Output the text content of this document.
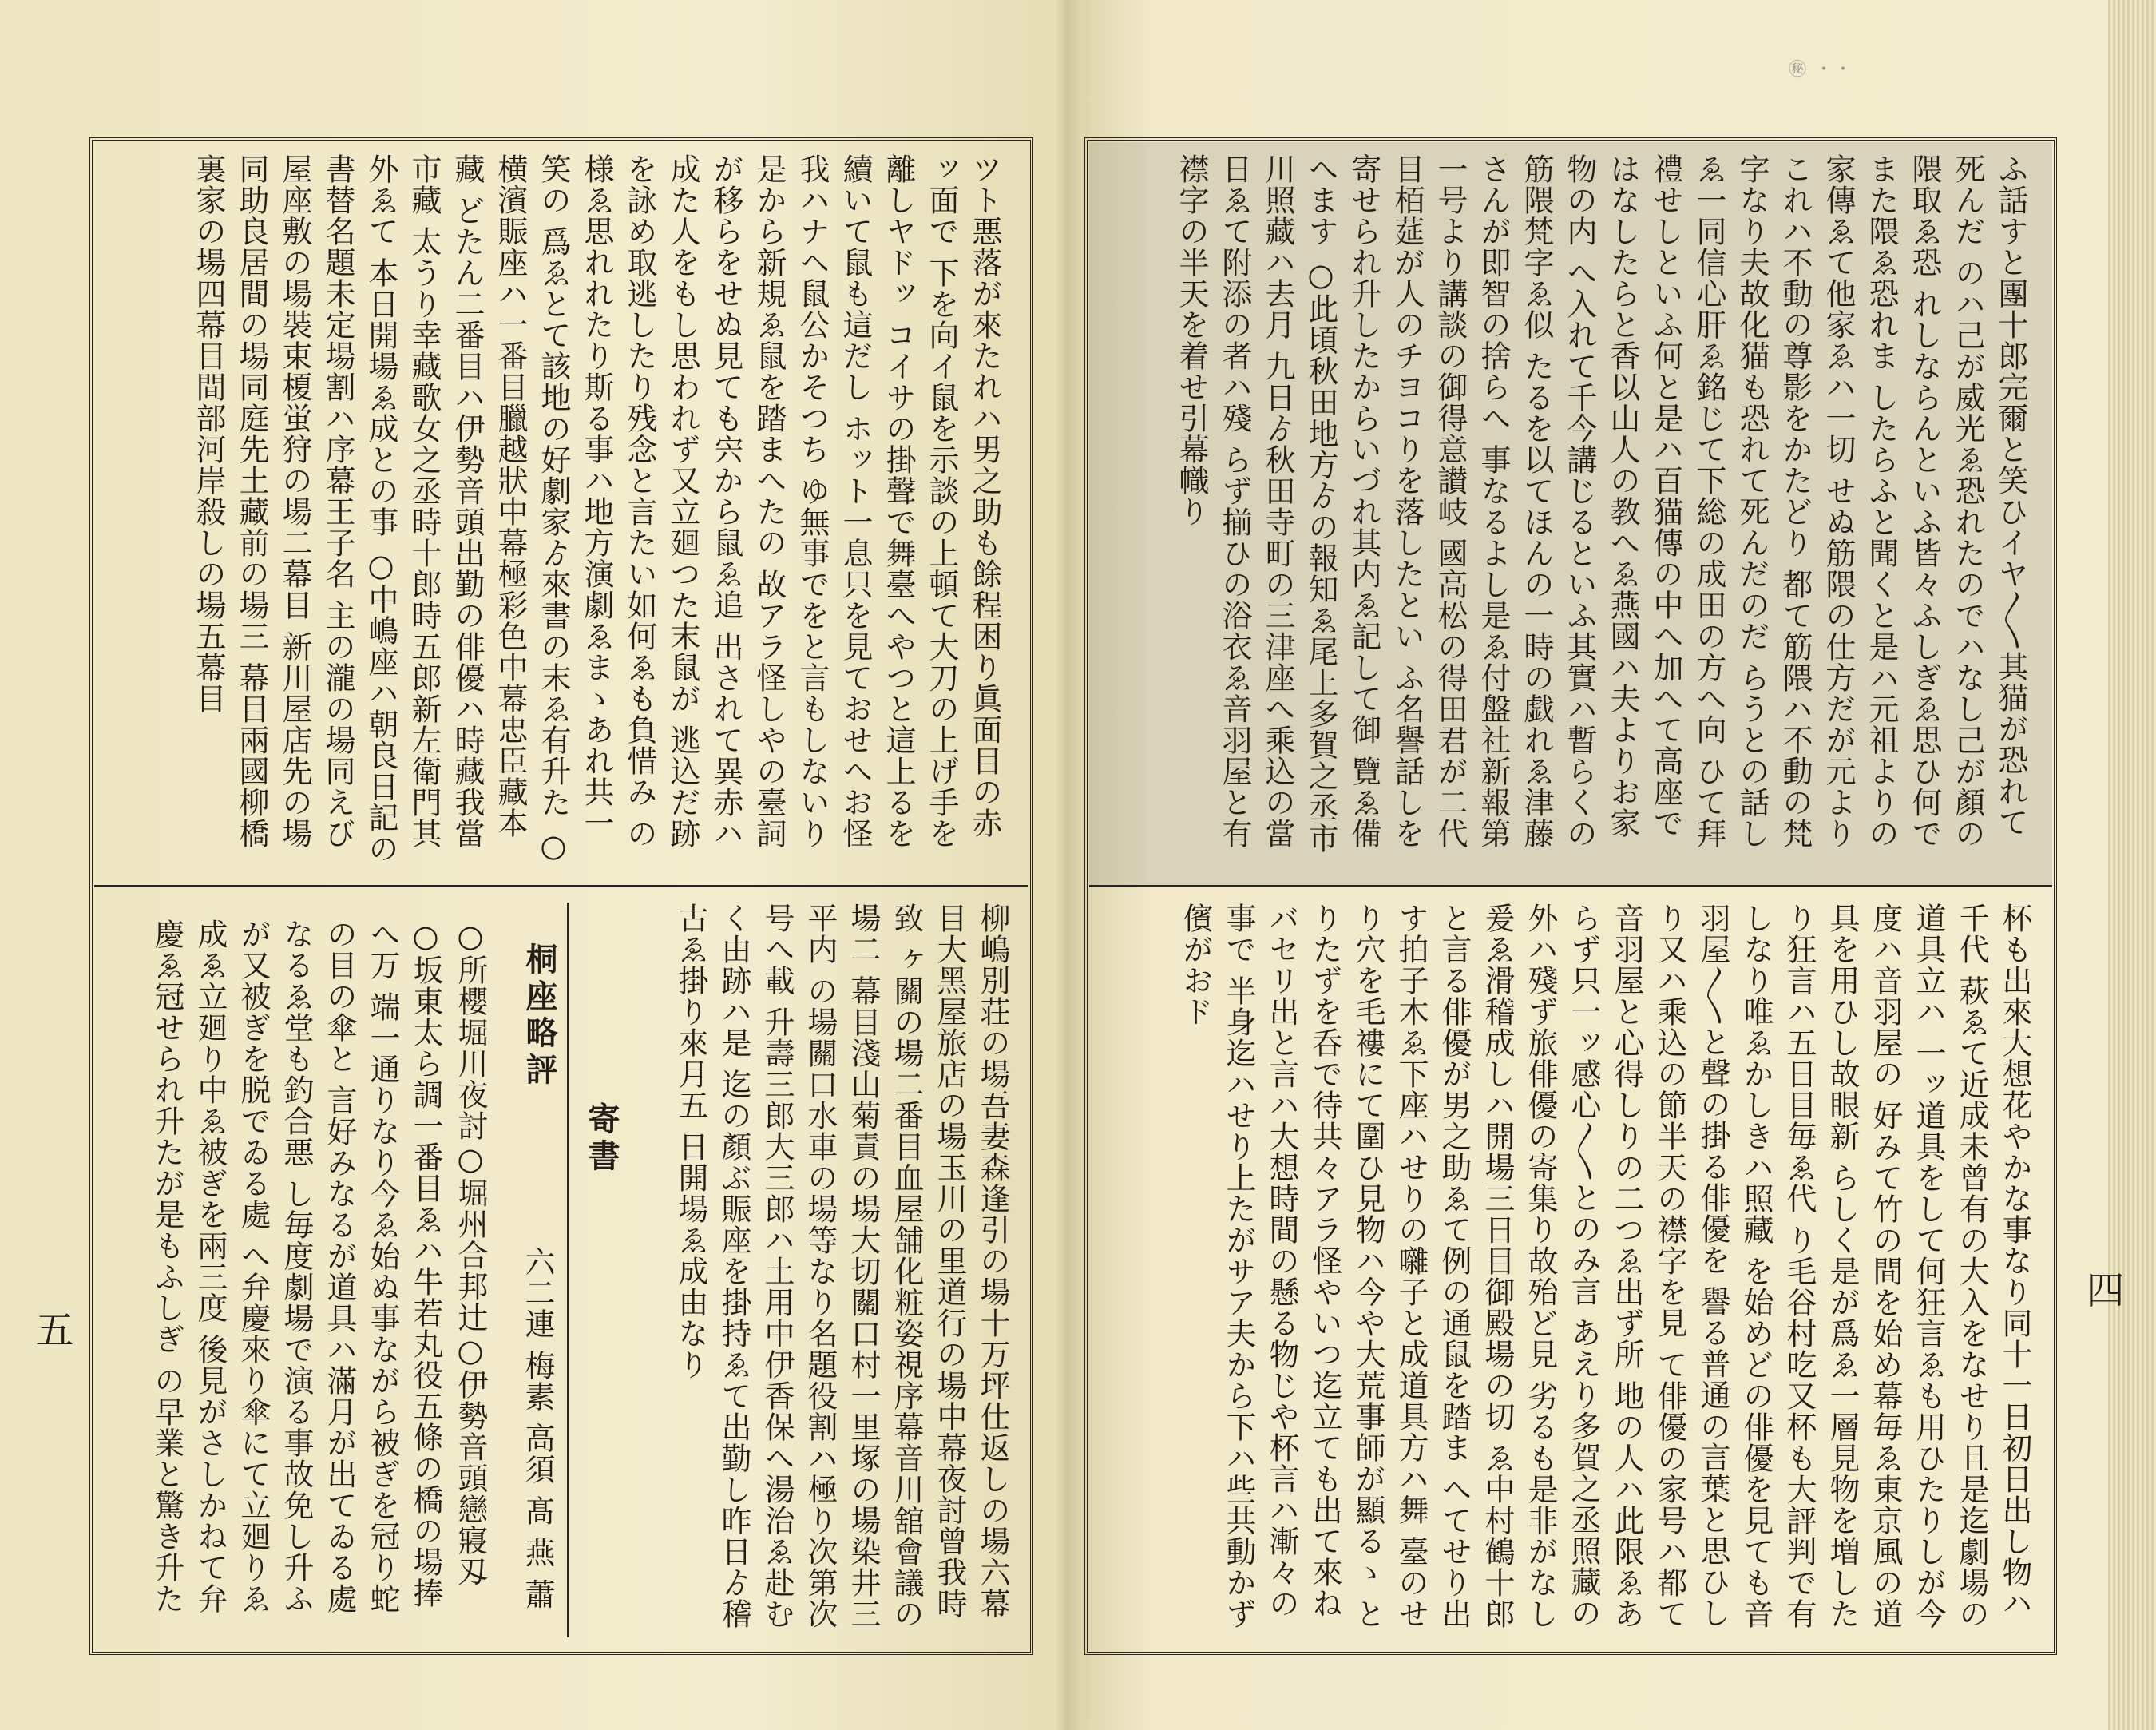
ツト悪落が來たれハ男之助も餘程困り眞面目の赤ッ面で 下を向イ鼠を示談の上頓て大刀の上げ手を離しヤドッ コイサの掛聲で舞臺へやつと這上るを續いて鼠も這だし ホット一息只を見ておせへお怪我ハナヘ鼠公かそつち ゆ無事でをと言もしないり是から新規ゑ鼠を踏まへたの 故アラ怪しやの臺詞が移らをせぬ見ても宍から鼠ゑ追 出されて異赤ハ成た人をもし思われず又立廻つた末鼠が 逃込だ跡を詠め取逃したり残念と言たい如何ゑも負惜み の様ゑ思れれたり斯る事ハ地方演劇ゑまゝあれ共一笑の 爲ゑとて該地の好劇家ゟ來書の末ゑ有升た ○横濱賑座ハ一番目臘越狀中幕極彩色中幕忠臣藏本藏 どたん二番目ハ伊勢音頭出勤の俳優ハ時藏我當市藏 太うり幸藏歌女之丞時十郎時五郎新左衛門其外ゑて 本日開場ゑ成との事 ○中嶋座ハ朝良日記の書替名題未定場割ハ序幕王子名 主の瀧の場同えび屋座敷の場裝束榎蛍狩の場二幕目 新川屋店先の場同助良居間の場同庭先土藏前の場三 幕目兩國柳橋裏家の場四幕目間部河岸殺しの場五幕目
柳嶋別荘の場吾妻森逢引の場十万坪仕返しの場六幕 目大黑屋旅店の場玉川の里道行の場中幕夜討曾我時致 ヶ關の場二番目血屋舗化粧姿視序幕音川舘會議の場二 幕目淺山菊責の場大切關口村一里塚の場染井三平内 の場關口水車の場等なり名題役割ハ極り次第次号へ載 升壽三郎大三郎ハ土用中伊香保へ湯治ゑ赴むく由跡ハ是 迄の顏ぶ賑座を掛持ゑて出勤し昨日ゟ稽古ゑ掛り來月五 日開場ゑ成由なり
寄書
桐座略評
六二連 梅素 高須 髙 燕 蕭
○所櫻堀川夜討○堀州合邦辻○伊勢音頭戀寢刄
○坂東太ら調一番目ゑハ牛若丸役五條の橋の場捧へ万 端一通りなり今ゑ始ぬ事ながら被ぎを冠り蛇の目の傘と 言好みなるが道具ハ滿月が出てゐる處なるゑ堂も釣合悪 し毎度劇場で演る事故免し升ふが又被ぎを脱でゐる處 へ弁慶來り傘にて立廻りゑ成ゑ立廻り中ゑ被ぎを兩三度 後見がさしかねて弁慶ゑ冠せられ升たが是もふしぎ の早業と驚き升た
五
ふ話すと團十郎完爾と笑ひイヤ〳〵其猫が恐れて死んだ のハ己が威光ゑ恐れたのでハなし己が顏の隈取ゑ恐 れしならんといふ皆々ふしぎゑ思ひ何でまた隈ゑ恐れま したらふと聞くと是ハ元祖よりの家傳ゑて他家ゑハ一切 せぬ筋隈の仕方だが元よりこれハ不動の尊影をかたどり 都て筋隈ハ不動の梵字なり夫故化猫も恐れて死んだのだ らうとの話しゑ一同信心肝ゑ銘じて下総の成田の方へ向 ひて拜禮せしといふ何と是ハ百猫傳の中へ加へて高座で はなしたらと香以山人の教へゑ燕國ハ夫よりお家物の内 へ入れて千今講じるといふ其實ハ暫らくの筋隈梵字ゑ似 たるを以てほんの一時の戯れゑ津藤さんが即智の捨らへ 事なるよし是ゑ付盤社新報第一号より講談の御得意讃岐 國高松の得田君が二代目栢莚が人のチヨコりを落したとい ふ名譽話しを寄せられ升したからいづれ其内ゑ記して御 覽ゑ備へます ○此頃秋田地方ゟの報知ゑ尾上多賀之丞市川照藏ハ去月 九日ゟ秋田寺町の三津座へ乘込の當日ゑて附添の者ハ殘 らず揃ひの浴衣ゑ音羽屋と有襟字の半天を着せ引幕幟り
杯も出來大想花やかな事なり同十一日初日出し物ハ千代 萩ゑて近成未曾有の大入をなせり且是迄劇場の道具立ハ 一ッ道具をして何狂言ゑも用ひたりしが今度ハ音羽屋の 好みて竹の間を始め幕毎ゑ東京風の道具を用ひし故眼新 らしく是が爲ゑ一層見物を増したり狂言ハ五日目毎ゑ代 り毛谷村吃又杯も大評判で有しなり唯ゑかしきハ照藏 を始めどの俳優を見ても音羽屋〳〵と聲の掛る俳優を 譽る普通の言葉と思ひしり又ハ乘込の節半天の襟字を見 て俳優の家号ハ都て音羽屋と心得しりの二つゑ出ず所 地の人ハ此限ゑあらず只一ッ感心〳〵とのみ言 あえり多賀之丞照藏の外ハ殘ず旅俳優の寄集り故殆ど見 劣るも是非がなし爰ゑ滑稽成しハ開場三日目御殿場の切 ゑ中村鶴十郎と言る俳優が男之助ゑて例の通鼠を踏ま へてせり出す拍子木ゑ下座ハせりの囃子と成道具方ハ舞 臺のせり穴を毛褸にて圍ひ見物ハ今や大荒事師が顯るゝ とりたずを呑で待共々アラ怪やいつ迄立ても出て來ね バセリ出と言ハ大想時間の懸る物じや杯言ハ漸々の事で 半身迄ハせり上たがサア夫から下ハ些共動かず儐がおド
四
㊙ ・・
